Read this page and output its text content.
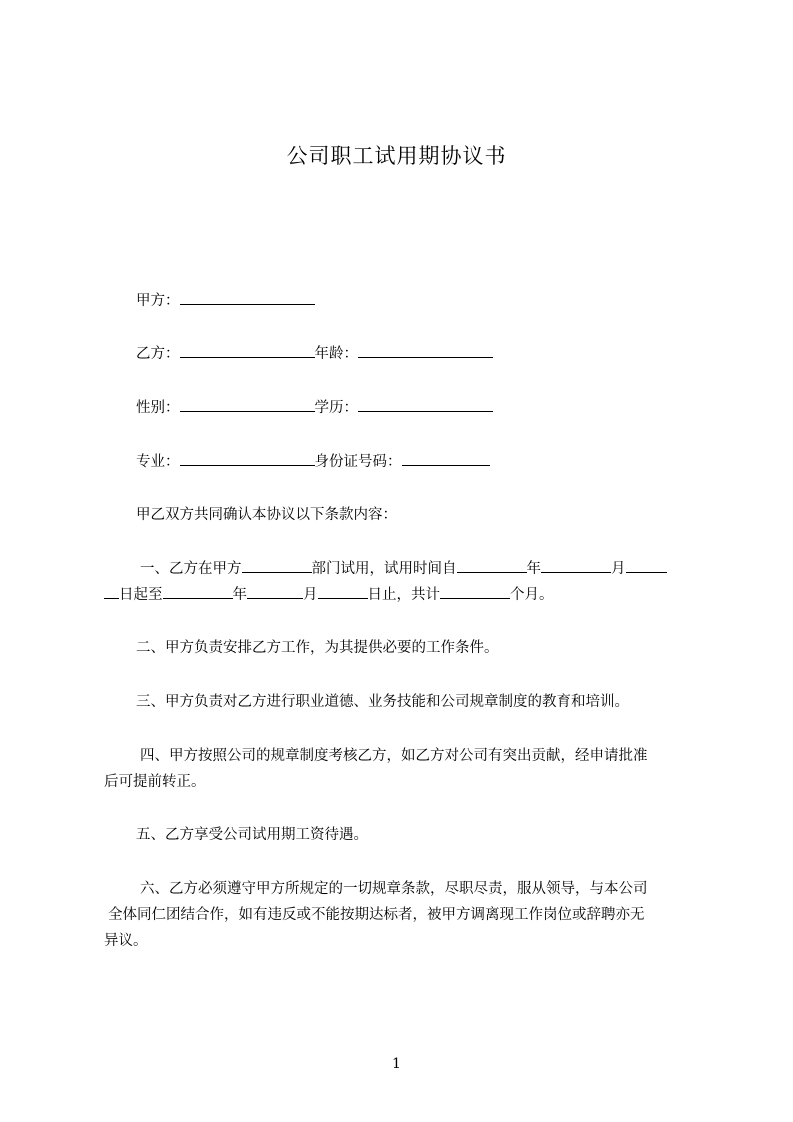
公司职工试用期协议书
甲方：
乙方：	年龄：
性别：	学历：
专业：	身份证号码：
甲乙双方共同确认本协议以下条款内容：
一、乙方在甲方	部门试用，试用时间自	年	月
日起至	年	月	日止，共计	个月。
二、甲方负责安排乙方工作，为其提供必要的工作条件。
三、甲方负责对乙方进行职业道德、业务技能和公司规章制度的教育和培训。
四、甲方按照公司的规章制度考核乙方，如乙方对公司有突出贡献，经申请批准
后可提前转正。
五、乙方享受公司试用期工资待遇。
六、乙方必须遵守甲方所规定的一切规章条款，尽职尽责，服从领导，与本公司
全体同仁团结合作，如有违反或不能按期达标者，被甲方调离现工作岗位或辞聘亦无
异议。
1
